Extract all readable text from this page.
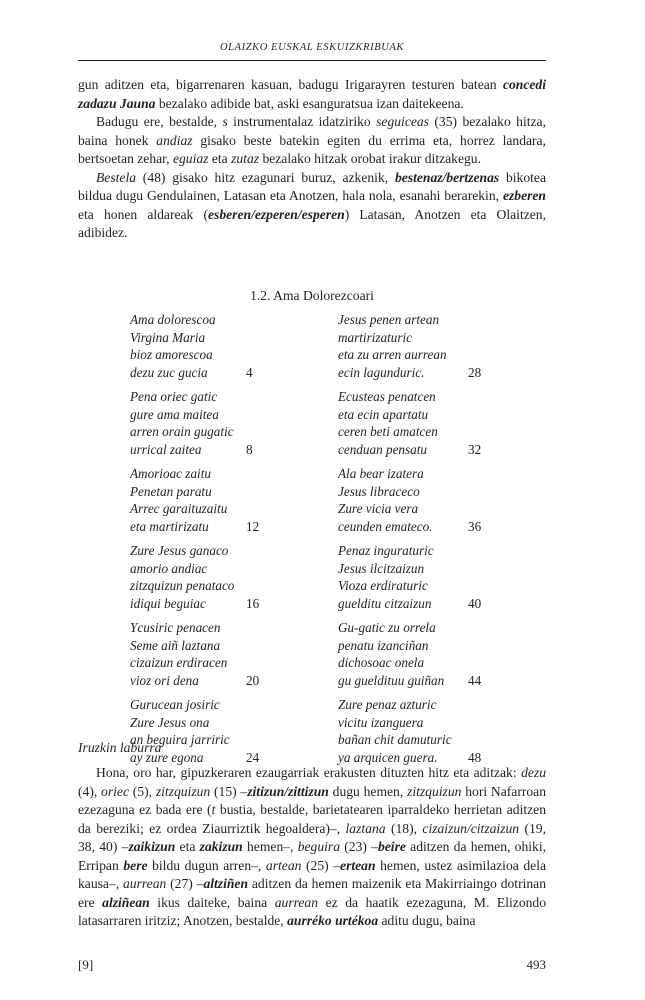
OLAIZKO EUSKAL ESKUIZKRIBUAK

gun aditzen eta, bigarrenaren kasuan, badugu Irigarayren testuren batean concedi zadazu Jauna bezalako adibide bat, aski esanguratsua izan daitekeena.

Badugu ere, bestalde, s instrumentalaz idatziriko seguiceas (35) bezalako hitza, baina honek andiaz gisako beste batekin egiten du errima eta, horrez landara, bertsoetan zehar, eguiaz eta zutaz bezalako hitzak orobat irakur ditzakegu.

Bestela (48) gisako hitz ezagunari buruz, azkenik, bestenaz/bertzenas bikotea bildua dugu Gendulainen, Latasan eta Anotzen, hala nola, esanahi berarekin, ezberen eta honen aldareak (esberen/ezperen/esperen) Latasan, Anotzen eta Olaitzen, adibidez.

1.2. Ama Dolorezcoari
Ama dolorescoa
Virgina Maria
bioz amorescoa
dezu zuc gucia	4
Pena oriec gatic
gure ama maitea
arren orain gugatic
urrical zaitea	8
Amorioac zaitu
Penetan paratu
Arrec garaituzaitu
eta martirizatu	12
Zure Jesus ganaco
amorio andiac
zitzquizun penataco
idiqui beguiac	16
Ycusiric penacen
Seme aiñ laztana
cizaizun erdiracen
vioz ori dena	20
Gurucean josiric
Zure Jesus ona
an beguira jarriric
ay zure egona	24
Jesus penen artean
martirizaturic
eta zu arren aurrean
ecin lagunduric.	28
Ecusteas penatcen
eta ecin apartatu
ceren beti amatcen
cenduan pensatu	32
Ala bear izatera
Jesus libraceco
Zure vicia vera
ceunden emateco.	36
Penaz inguraturic
Jesus ilcitzaizun
Vioza erdiraturic
guelditu citzaizun	40
Gu-gatic zu orrela
penatu izanciñan
dichosoac onela
gu gueldituu guiñan	44
Zure penaz azturic
vicitu izanguera
bañan chit damuturic
ya arquicen guera.	48
Iruzkin laburra

Hona, oro har, gipuzkeraren ezaugarriak erakusten dituzten hitz eta aditzak: dezu (4), oriec (5), zitzquizun (15) –zitizun/zittizun dugu hemen, zitzquizun hori Nafarroan ezezaguna ez bada ere (t bustia, bestalde, barietatearen iparraldeko herrietan aditzen da bereziki; ez ordea Ziaurriztik hegoaldera)–, laztana (18), cizaizun/citzaizun (19, 38, 40) –zaikizun eta zakizun hemen–, beguira (23) –beire aditzen da hemen, ohiki, Erripan bere bildu dugun arren–, artean (25) –ertean hemen, ustez asimilazioa dela kausa–, aurrean (27) –altziñen aditzen da hemen maizenik eta Makirriaingo dotrinan ere alziñean ikus daiteke, baina aurrean ez da haatik ezezaguna, M. Elizondo latasarraren iritziz; Anotzen, bestalde, aurréko urtékoa aditu dugu, baina

[9]	493
